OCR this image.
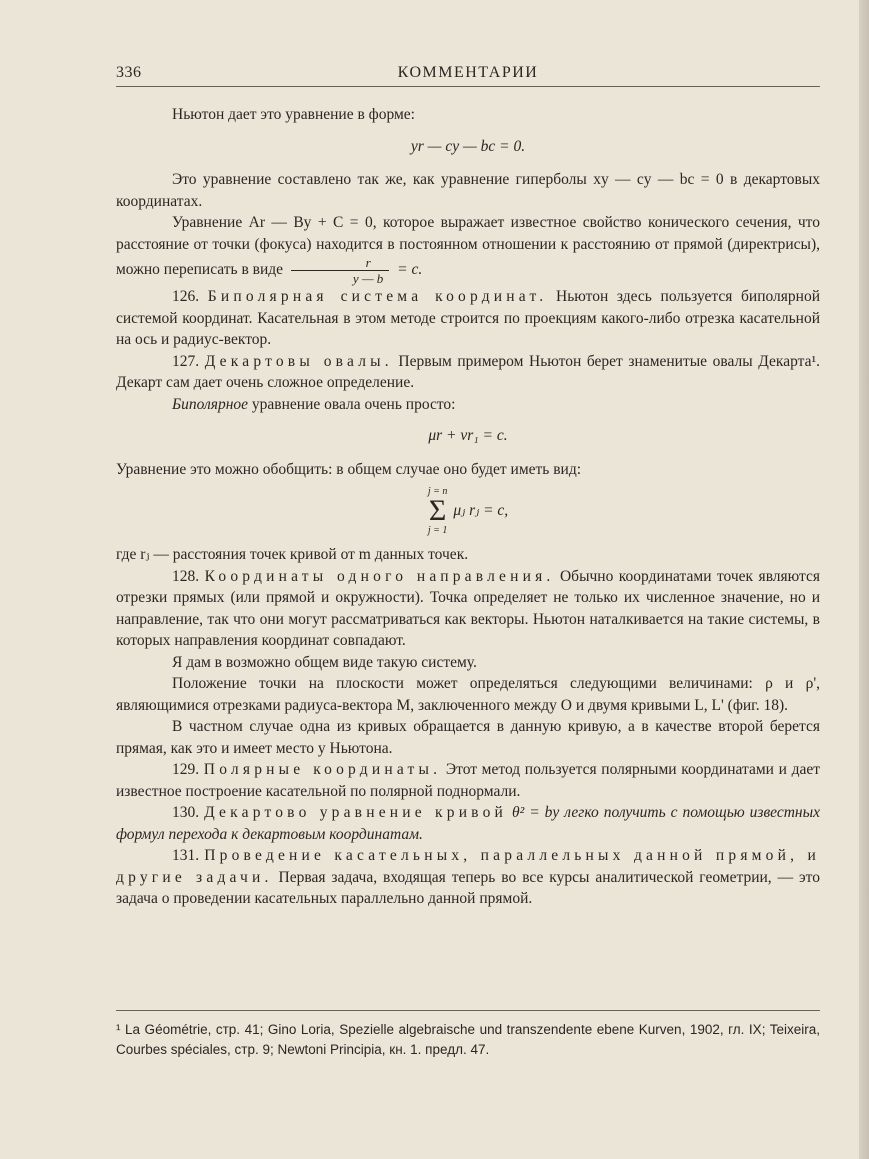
336	КОММЕНТАРИИ

Ньютон дает это уравнение в форме:

yr — cy — bc = 0.

Это уравнение составлено так же, как уравнение гиперболы xy — cy — bc = 0 в декартовых координатах.

Уравнение Ar — By + C = 0, которое выражает известное свойство конического сечения, что расстояние от точки (фокуса) находится в постоянном отношении к расстоянию от прямой (директрисы), можно переписать в виде $\frac{r}{y — b} = c$.

126. Биполярная система координат. Ньютон здесь пользуется биполярной системой координат. Касательная в этом методе строится по проекциям какого-либо отрезка касательной на ось и радиус-вектор.

127. Декартовы овалы. Первым примером Ньютон берет знаменитые овалы Декарта¹. Декарт сам дает очень сложное определение.

Биполярное уравнение овала очень просто:

μr + νr₁ = c.

Уравнение это можно обобщить: в общем случае оно будет иметь вид:

j = n
Σ
j = 1
μⱼ rⱼ = c,

где rⱼ — расстояния точек кривой от m данных точек.

128. Координаты одного направления. Обычно координатами точек являются отрезки прямых (или прямой и окружности). Точка определяет не только их численное значение, но и направление, так что они могут рассматриваться как векторы. Ньютон наталкивается на такие системы, в которых направления координат совпадают.

Я дам в возможно общем виде такую систему.

Положение точки на плоскости может определяться следующими величинами: ρ и ρ', являющимися отрезками радиуса-вектора M, заключенного между O и двумя кривыми L, L' (фиг. 18).

В частном случае одна из кривых обращается в данную кривую, а в качестве второй берется прямая, как это и имеет место у Ньютона.

129. Полярные координаты. Этот метод пользуется полярными координатами и дает известное построение касательной по полярной поднормали.

130. Декартово уравнение кривой θ² = by легко получить с помощью известных формул перехода к декартовым координатам.

131. Проведение касательных, параллельных данной прямой, и другие задачи. Первая задача, входящая теперь во все курсы аналитической геометрии, — это задача о проведении касательных параллельно данной прямой.

¹ La Géométrie, стр. 41; Gino Loria, Spezielle algebraische und transzendente ebene Kurven, 1902, гл. IX; Teixeira, Courbes spéciales, стр. 9; Newtoni Principia, кн. 1. предл. 47.
